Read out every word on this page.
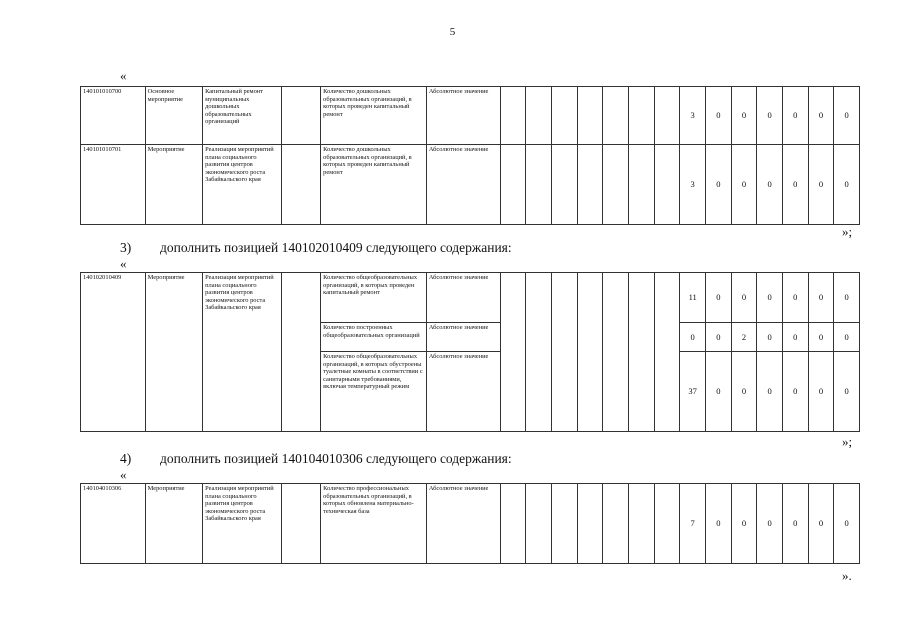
5
«
140101010700	Основное мероприятие	Капитальный ремонт муниципальных дошкольных образовательных организаций		Количество дошкольных образовательных организаций, в которых проведен капитальный ремонт	Абсолютное значение								3	0	0	0	0	0	0
140101010701	Мероприятие	Реализация мероприятий плана социального развития центров экономического роста Забайкальского края		Количество дошкольных образовательных организаций, в которых проведен капитальный ремонт	Абсолютное значение								3	0	0	0	0	0	0
»;
3) дополнить позицией 140102010409 следующего содержания:
«
140102010409	Мероприятие	Реализация мероприятий плана социального развития центров экономического роста Забайкальского края		Количество общеобразовательных организаций, в которых проведен капитальный ремонт	Абсолютное значение								11	0	0	0	0	0	0
				Количество построенных общеобразовательных организаций	Абсолютное значение								0	0	2	0	0	0	0
				Количество общеобразовательных организаций, в которых обустроены туалетные комнаты в соответствии с санитарными требованиями, включая температурный режим	Абсолютное значение								37	0	0	0	0	0	0
»;
4) дополнить позицией 140104010306 следующего содержания:
«
140104010306	Мероприятие	Реализация мероприятий плана социального развития центров экономического роста Забайкальского края		Количество профессиональных образовательных организаций, в которых обновлена материально-техническая база	Абсолютное значение								7	0	0	0	0	0	0
».
